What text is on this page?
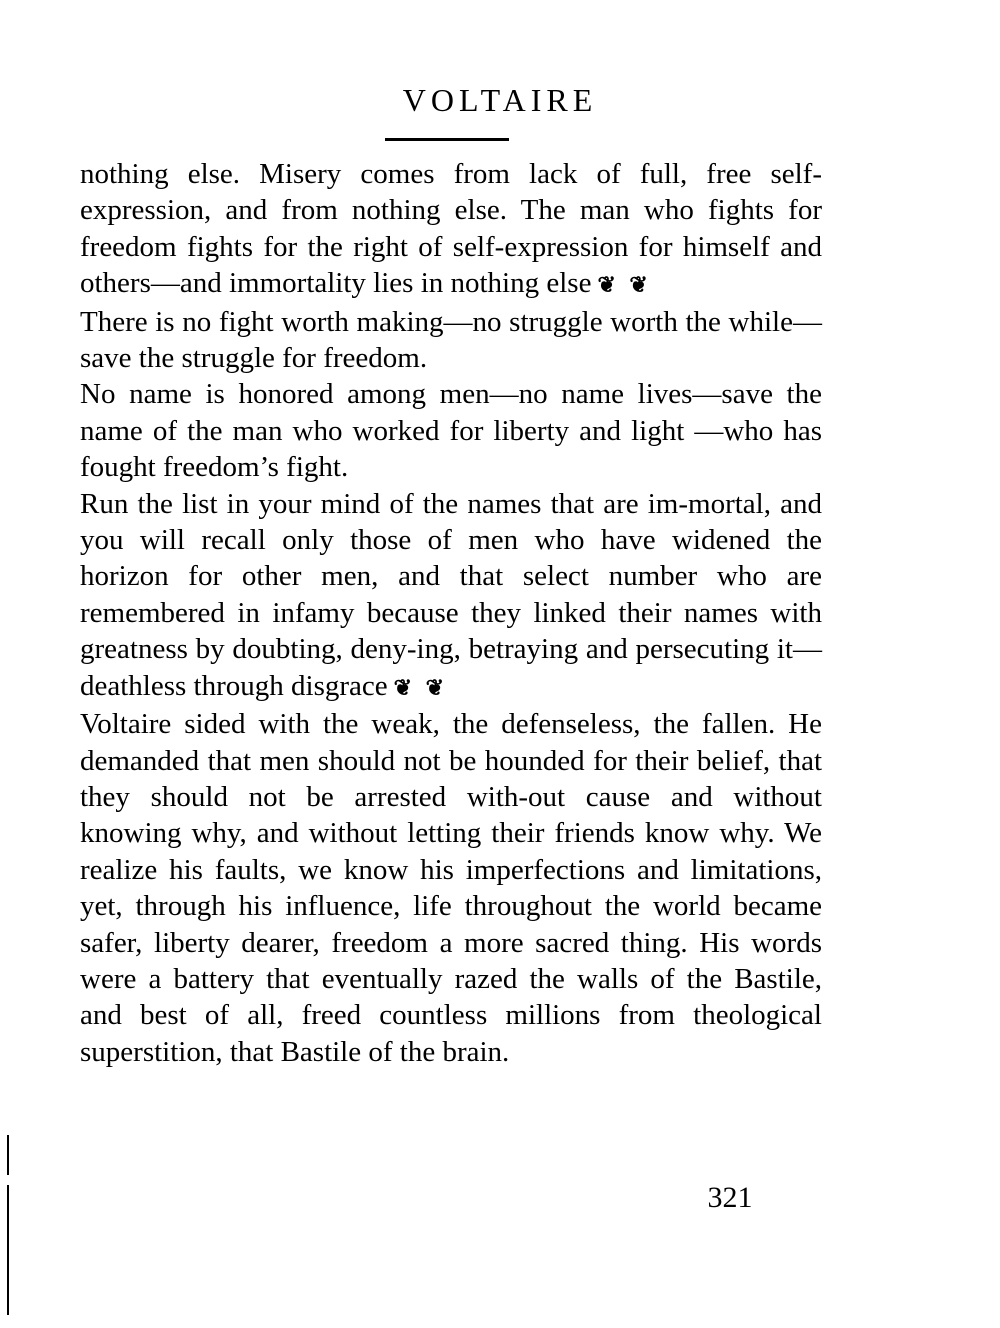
VOLTAIRE

nothing else. Misery comes from lack of full, free self-expression, and from nothing else. The man who fights for freedom fights for the right of self-expression for himself and others—and immortality lies in nothing else ❦ ❦

There is no fight worth making—no struggle worth the while—save the struggle for freedom.

No name is honored among men—no name lives—save the name of the man who worked for liberty and light —who has fought freedom’s fight.

Run the list in your mind of the names that are im-mortal, and you will recall only those of men who have widened the horizon for other men, and that select number who are remembered in infamy because they linked their names with greatness by doubting, deny-ing, betraying and persecuting it—deathless through disgrace ❦ ❦

Voltaire sided with the weak, the defenseless, the fallen. He demanded that men should not be hounded for their belief, that they should not be arrested with-out cause and without knowing why, and without letting their friends know why. We realize his faults, we know his imperfections and limitations, yet, through his influence, life throughout the world became safer, liberty dearer, freedom a more sacred thing. His words were a battery that eventually razed the walls of the Bastile, and best of all, freed countless millions from theological superstition, that Bastile of the brain.

321
